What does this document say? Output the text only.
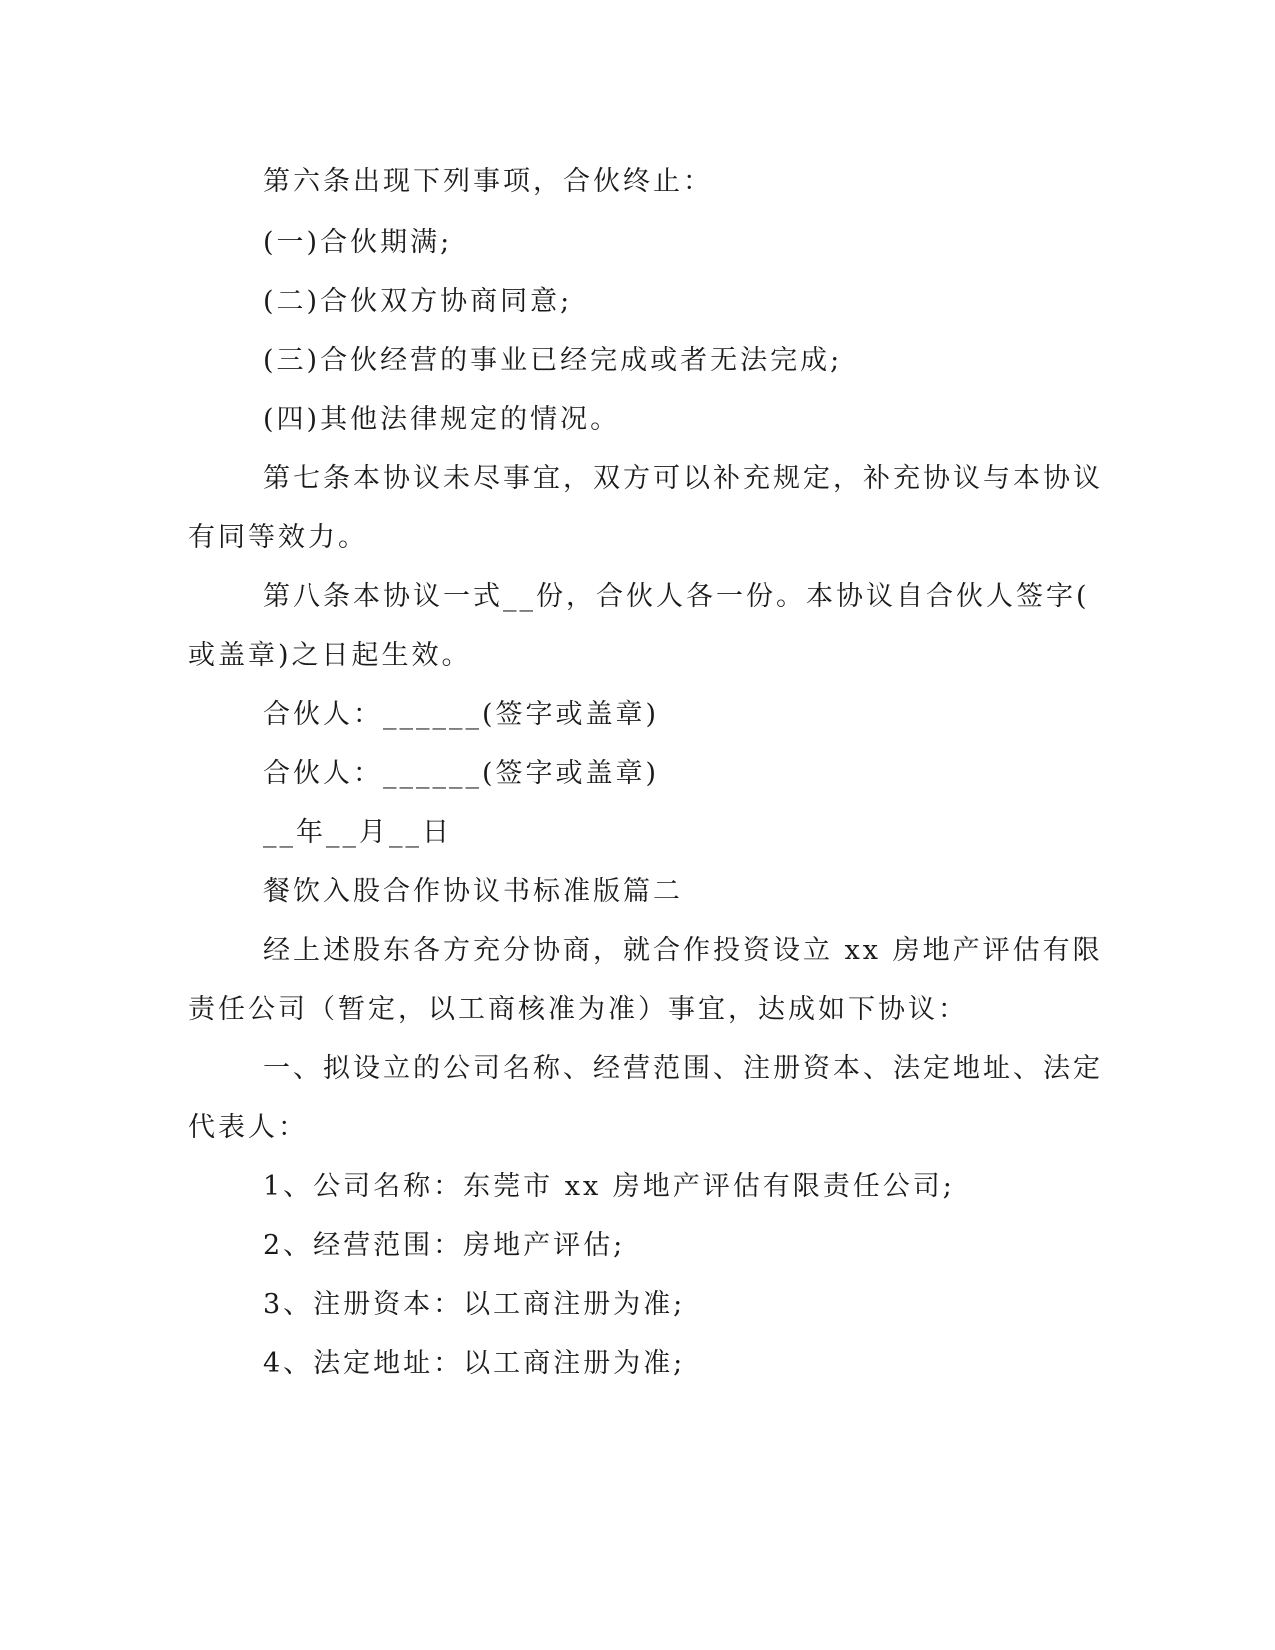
第六条出现下列事项，合伙终止：
(一)合伙期满;
(二)合伙双方协商同意;
(三)合伙经营的事业已经完成或者无法完成;
(四)其他法律规定的情况。
第七条本协议未尽事宜，双方可以补充规定，补充协议与本协议
有同等效力。
第八条本协议一式__份，合伙人各一份。本协议自合伙人签字(
或盖章)之日起生效。
合伙人：______(签字或盖章)
合伙人：______(签字或盖章)
__年__月__日
餐饮入股合作协议书标准版篇二
经上述股东各方充分协商，就合作投资设立 xx 房地产评估有限
责任公司（暂定，以工商核准为准）事宜，达成如下协议：
一、拟设立的公司名称、经营范围、注册资本、法定地址、法定
代表人：
1、公司名称：东莞市 xx 房地产评估有限责任公司;
2、经营范围：房地产评估;
3、注册资本：以工商注册为准;
4、法定地址：以工商注册为准;
